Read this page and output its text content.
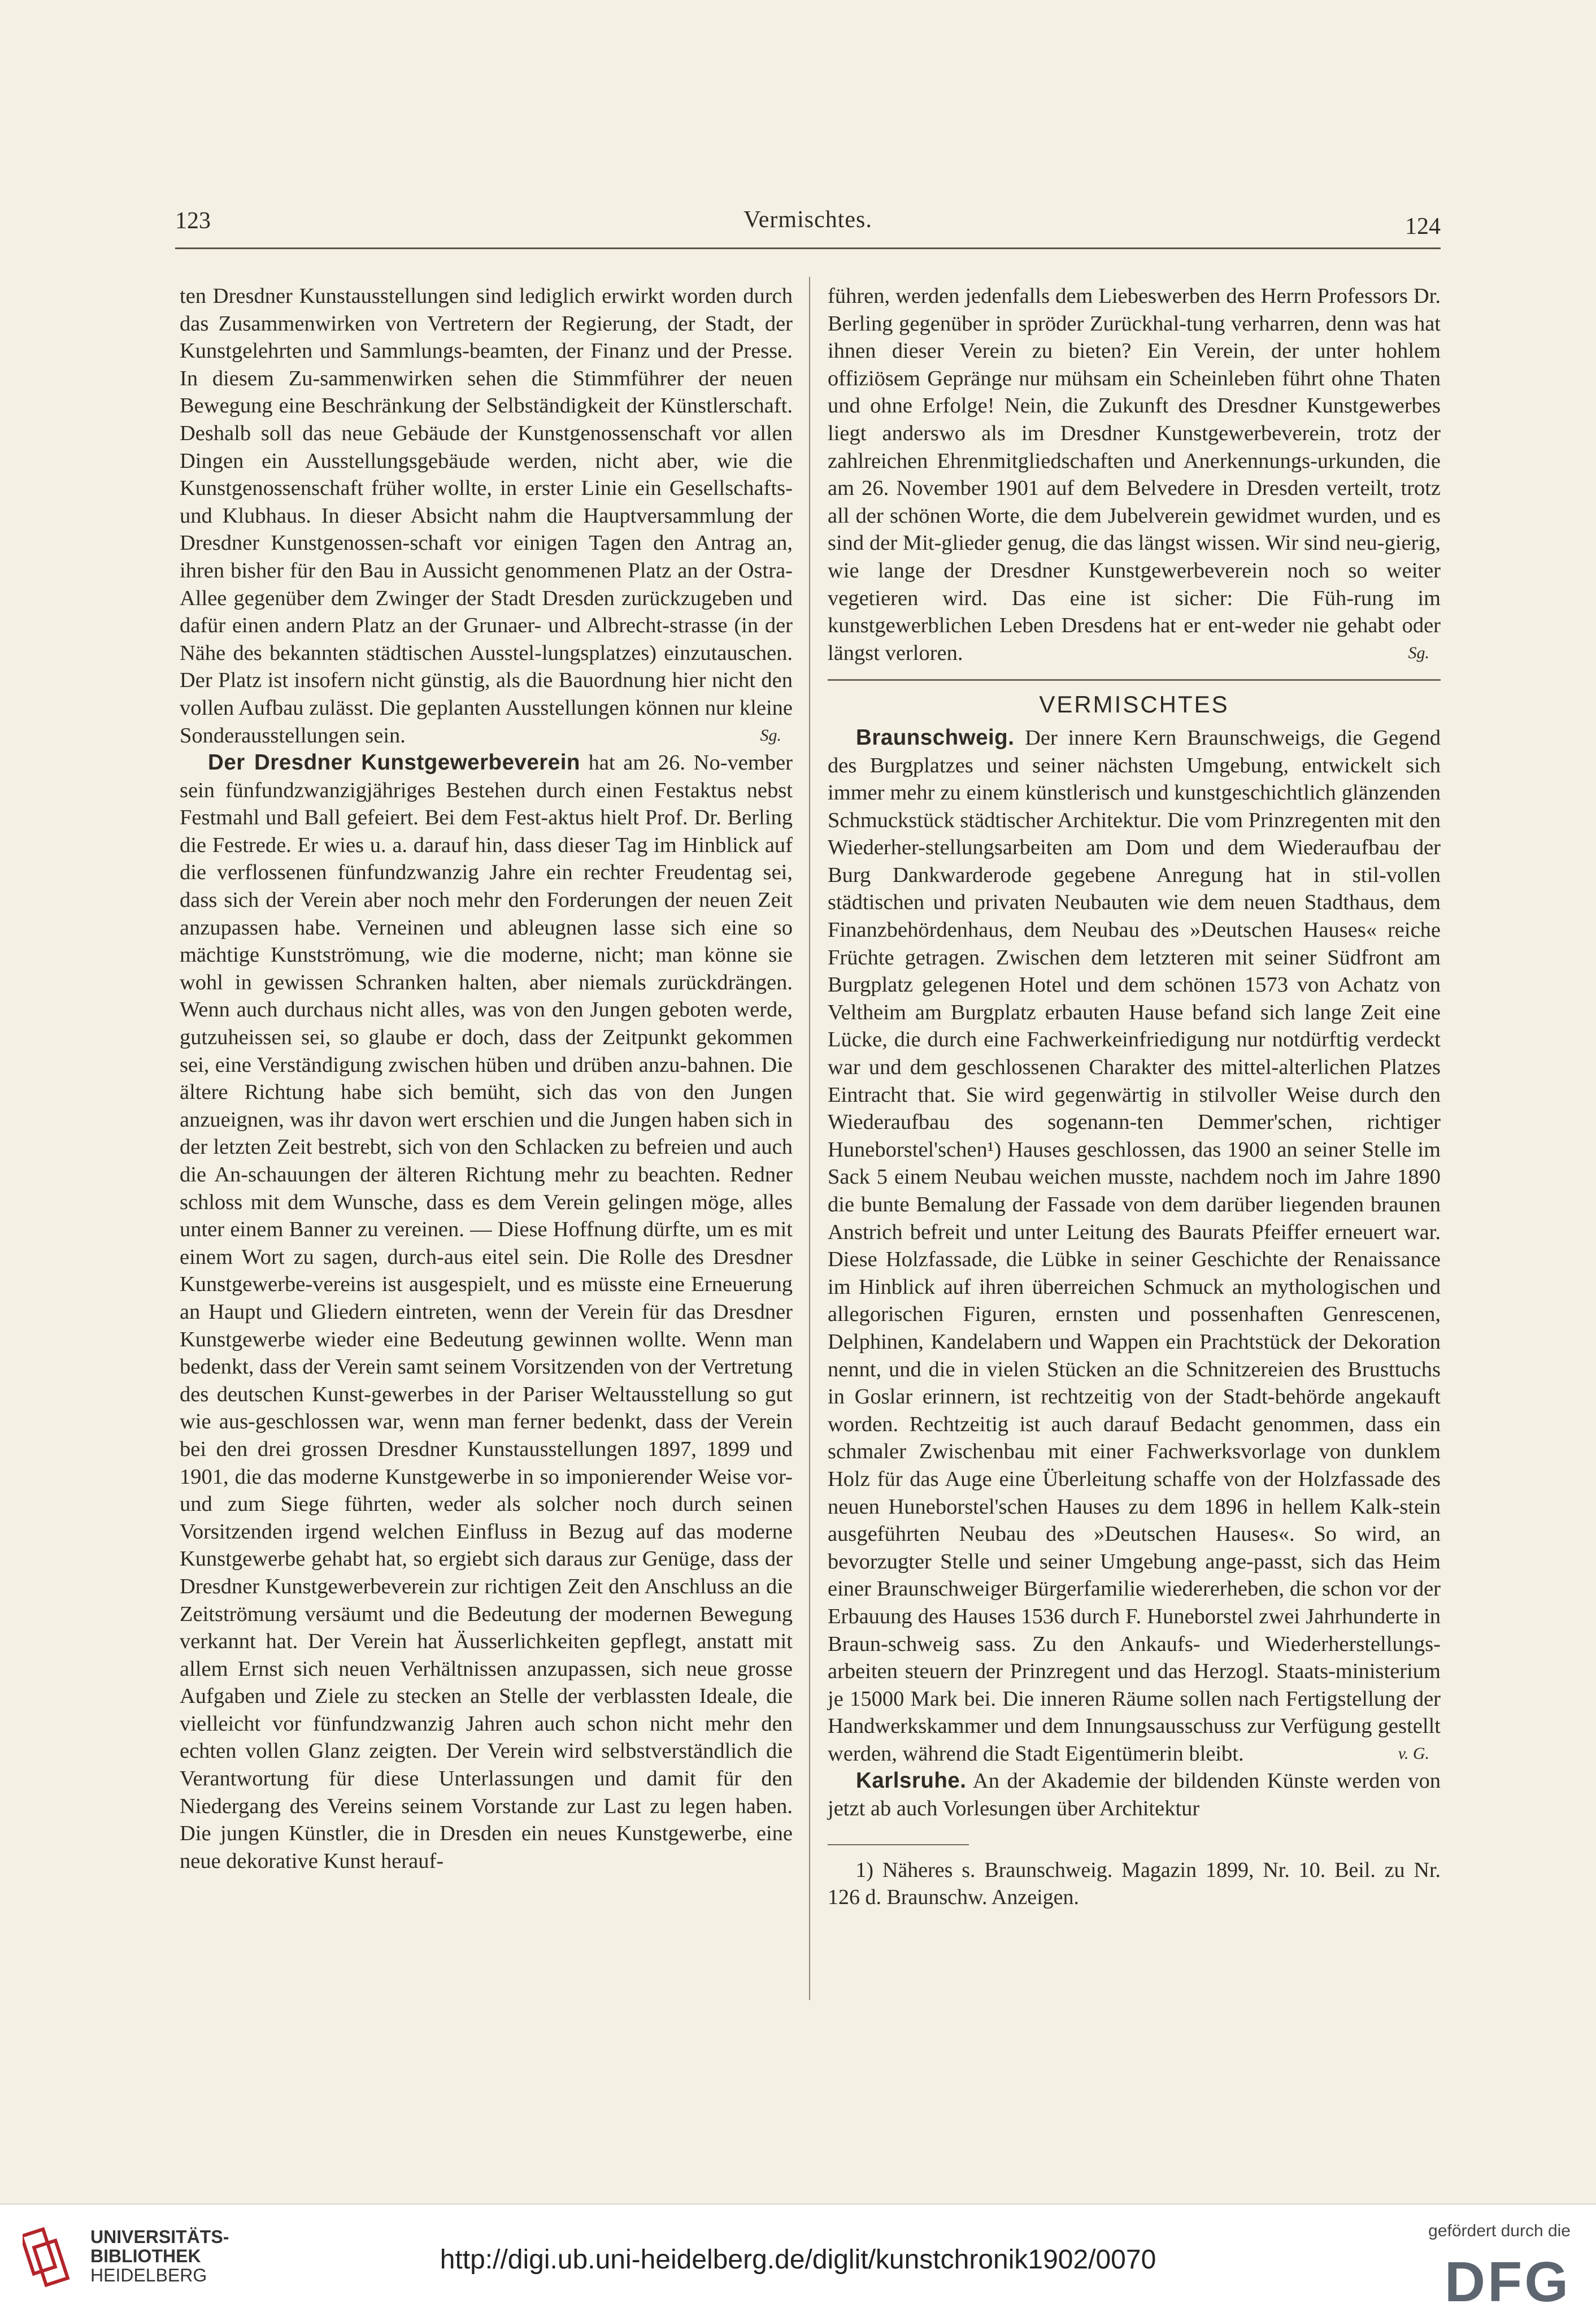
123	Vermischtes.	124

ten Dresdner Kunstausstellungen sind lediglich erwirkt worden durch das Zusammenwirken von Vertretern der Regierung, der Stadt, der Kunstgelehrten und Sammlungs-beamten, der Finanz und der Presse. In diesem Zu-sammenwirken sehen die Stimmführer der neuen Bewegung eine Beschränkung der Selbständigkeit der Künstlerschaft. Deshalb soll das neue Gebäude der Kunstgenossenschaft vor allen Dingen ein Ausstellungsgebäude werden, nicht aber, wie die Kunstgenossenschaft früher wollte, in erster Linie ein Gesellschafts- und Klubhaus. In dieser Absicht nahm die Hauptversammlung der Dresdner Kunstgenossen-schaft vor einigen Tagen den Antrag an, ihren bisher für den Bau in Aussicht genommenen Platz an der Ostra-Allee gegenüber dem Zwinger der Stadt Dresden zurückzugeben und dafür einen andern Platz an der Grunaer- und Albrecht-strasse (in der Nähe des bekannten städtischen Ausstel-lungsplatzes) einzutauschen. Der Platz ist insofern nicht günstig, als die Bauordnung hier nicht den vollen Aufbau zulässt. Die geplanten Ausstellungen können nur kleine Sonderausstellungen sein.	Sg.

Der Dresdner Kunstgewerbeverein hat am 26. No-vember sein fünfundzwanzigjähriges Bestehen durch einen Festaktus nebst Festmahl und Ball gefeiert. Bei dem Fest-aktus hielt Prof. Dr. Berling die Festrede. Er wies u. a. darauf hin, dass dieser Tag im Hinblick auf die verflossenen fünfundzwanzig Jahre ein rechter Freudentag sei, dass sich der Verein aber noch mehr den Forderungen der neuen Zeit anzupassen habe. Verneinen und ableugnen lasse sich eine so mächtige Kunstströmung, wie die moderne, nicht; man könne sie wohl in gewissen Schranken halten, aber niemals zurückdrängen. Wenn auch durchaus nicht alles, was von den Jungen geboten werde, gutzuheissen sei, so glaube er doch, dass der Zeitpunkt gekommen sei, eine Verständigung zwischen hüben und drüben anzu-bahnen. Die ältere Richtung habe sich bemüht, sich das von den Jungen anzueignen, was ihr davon wert erschien und die Jungen haben sich in der letzten Zeit bestrebt, sich von den Schlacken zu befreien und auch die An-schauungen der älteren Richtung mehr zu beachten. Redner schloss mit dem Wunsche, dass es dem Verein gelingen möge, alles unter einem Banner zu vereinen. — Diese Hoffnung dürfte, um es mit einem Wort zu sagen, durch-aus eitel sein. Die Rolle des Dresdner Kunstgewerbe-vereins ist ausgespielt, und es müsste eine Erneuerung an Haupt und Gliedern eintreten, wenn der Verein für das Dresdner Kunstgewerbe wieder eine Bedeutung gewinnen wollte. Wenn man bedenkt, dass der Verein samt seinem Vorsitzenden von der Vertretung des deutschen Kunst-gewerbes in der Pariser Weltausstellung so gut wie aus-geschlossen war, wenn man ferner bedenkt, dass der Verein bei den drei grossen Dresdner Kunstausstellungen 1897, 1899 und 1901, die das moderne Kunstgewerbe in so imponierender Weise vor- und zum Siege führten, weder als solcher noch durch seinen Vorsitzenden irgend welchen Einfluss in Bezug auf das moderne Kunstgewerbe gehabt hat, so ergiebt sich daraus zur Genüge, dass der Dresdner Kunstgewerbeverein zur richtigen Zeit den Anschluss an die Zeitströmung versäumt und die Bedeutung der modernen Bewegung verkannt hat. Der Verein hat Äusserlichkeiten gepflegt, anstatt mit allem Ernst sich neuen Verhältnissen anzupassen, sich neue grosse Aufgaben und Ziele zu stecken an Stelle der verblassten Ideale, die vielleicht vor fünfundzwanzig Jahren auch schon nicht mehr den echten vollen Glanz zeigten. Der Verein wird selbstverständlich die Verantwortung für diese Unterlassungen und damit für den Niedergang des Vereins seinem Vorstande zur Last zu legen haben. Die jungen Künstler, die in Dresden ein neues Kunstgewerbe, eine neue dekorative Kunst herauf-

führen, werden jedenfalls dem Liebeswerben des Herrn Professors Dr. Berling gegenüber in spröder Zurückhal-tung verharren, denn was hat ihnen dieser Verein zu bieten? Ein Verein, der unter hohlem offiziösem Gepränge nur mühsam ein Scheinleben führt ohne Thaten und ohne Erfolge! Nein, die Zukunft des Dresdner Kunstgewerbes liegt anderswo als im Dresdner Kunstgewerbeverein, trotz der zahlreichen Ehrenmitgliedschaften und Anerkennungs-urkunden, die am 26. November 1901 auf dem Belvedere in Dresden verteilt, trotz all der schönen Worte, die dem Jubelverein gewidmet wurden, und es sind der Mit-glieder genug, die das längst wissen. Wir sind neu-gierig, wie lange der Dresdner Kunstgewerbeverein noch so weiter vegetieren wird. Das eine ist sicher: Die Füh-rung im kunstgewerblichen Leben Dresdens hat er ent-weder nie gehabt oder längst verloren.	Sg.

VERMISCHTES

Braunschweig. Der innere Kern Braunschweigs, die Gegend des Burgplatzes und seiner nächsten Umgebung, entwickelt sich immer mehr zu einem künstlerisch und kunstgeschichtlich glänzenden Schmuckstück städtischer Architektur. Die vom Prinzregenten mit den Wiederher-stellungsarbeiten am Dom und dem Wiederaufbau der Burg Dankwarderode gegebene Anregung hat in stil-vollen städtischen und privaten Neubauten wie dem neuen Stadthaus, dem Finanzbehördenhaus, dem Neubau des »Deutschen Hauses« reiche Früchte getragen. Zwischen dem letzteren mit seiner Südfront am Burgplatz gelegenen Hotel und dem schönen 1573 von Achatz von Veltheim am Burgplatz erbauten Hause befand sich lange Zeit eine Lücke, die durch eine Fachwerkeinfriedigung nur notdürftig verdeckt war und dem geschlossenen Charakter des mittel-alterlichen Platzes Eintracht that. Sie wird gegenwärtig in stilvoller Weise durch den Wiederaufbau des sogenann-ten Demmer'schen, richtiger Huneborstel'schen¹) Hauses geschlossen, das 1900 an seiner Stelle im Sack 5 einem Neubau weichen musste, nachdem noch im Jahre 1890 die bunte Bemalung der Fassade von dem darüber liegenden braunen Anstrich befreit und unter Leitung des Baurats Pfeiffer erneuert war. Diese Holzfassade, die Lübke in seiner Geschichte der Renaissance im Hinblick auf ihren überreichen Schmuck an mythologischen und allegorischen Figuren, ernsten und possenhaften Genrescenen, Delphinen, Kandelabern und Wappen ein Prachtstück der Dekoration nennt, und die in vielen Stücken an die Schnitzereien des Brusttuchs in Goslar erinnern, ist rechtzeitig von der Stadt-behörde angekauft worden. Rechtzeitig ist auch darauf Bedacht genommen, dass ein schmaler Zwischenbau mit einer Fachwerksvorlage von dunklem Holz für das Auge eine Überleitung schaffe von der Holzfassade des neuen Huneborstel'schen Hauses zu dem 1896 in hellem Kalk-stein ausgeführten Neubau des »Deutschen Hauses«. So wird, an bevorzugter Stelle und seiner Umgebung ange-passt, sich das Heim einer Braunschweiger Bürgerfamilie wiedererheben, die schon vor der Erbauung des Hauses 1536 durch F. Huneborstel zwei Jahrhunderte in Braun-schweig sass. Zu den Ankaufs- und Wiederherstellungs-arbeiten steuern der Prinzregent und das Herzogl. Staats-ministerium je 15000 Mark bei. Die inneren Räume sollen nach Fertigstellung der Handwerkskammer und dem Innungsausschuss zur Verfügung gestellt werden, während die Stadt Eigentümerin bleibt.	v. G.

Karlsruhe. An der Akademie der bildenden Künste werden von jetzt ab auch Vorlesungen über Architektur

1) Näheres s. Braunschweig. Magazin 1899, Nr. 10. Beil. zu Nr. 126 d. Braunschw. Anzeigen.

UNIVERSITÄTS-
BIBLIOTHEK
HEIDELBERG
http://digi.ub.uni-heidelberg.de/diglit/kunstchronik1902/0070
gefördert durch die
DFG
